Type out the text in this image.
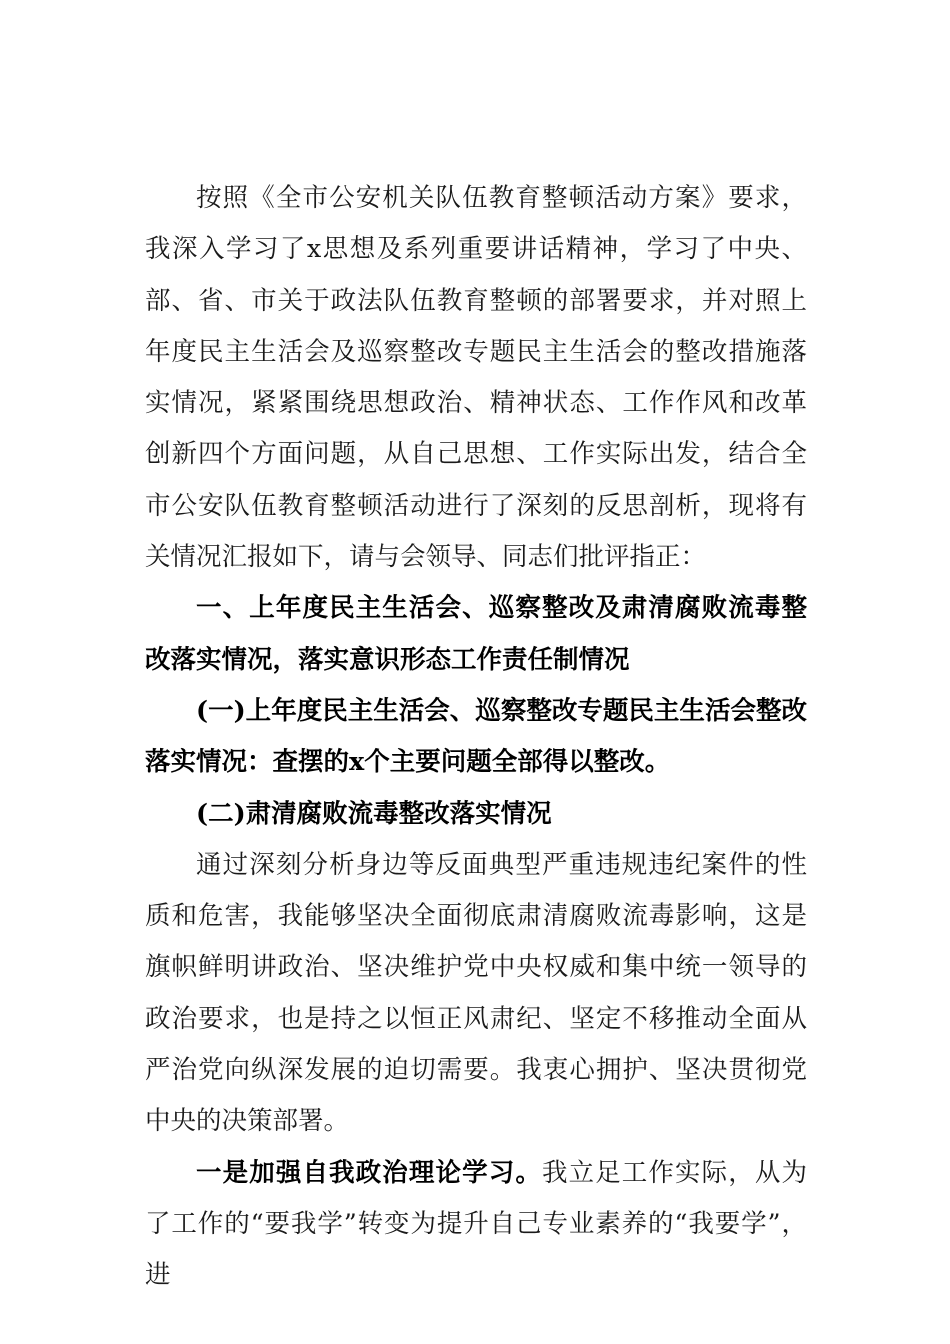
按照《全市公安机关队伍教育整顿活动方案》要求，我深入学习了x思想及系列重要讲话精神，学习了中央、部、省、市关于政法队伍教育整顿的部署要求，并对照上年度民主生活会及巡察整改专题民主生活会的整改措施落实情况，紧紧围绕思想政治、精神状态、工作作风和改革创新四个方面问题，从自己思想、工作实际出发，结合全市公安队伍教育整顿活动进行了深刻的反思剖析，现将有关情况汇报如下，请与会领导、同志们批评指正：

一、上年度民主生活会、巡察整改及肃清腐败流毒整改落实情况，落实意识形态工作责任制情况

(一)上年度民主生活会、巡察整改专题民主生活会整改落实情况：查摆的x个主要问题全部得以整改。

(二)肃清腐败流毒整改落实情况

通过深刻分析身边等反面典型严重违规违纪案件的性质和危害，我能够坚决全面彻底肃清腐败流毒影响，这是旗帜鲜明讲政治、坚决维护党中央权威和集中统一领导的政治要求，也是持之以恒正风肃纪、坚定不移推动全面从严治党向纵深发展的迫切需要。我衷心拥护、坚决贯彻党中央的决策部署。

一是加强自我政治理论学习。我立足工作实际，从为了工作的“要我学”转变为提升自己专业素养的“我要学”，进
